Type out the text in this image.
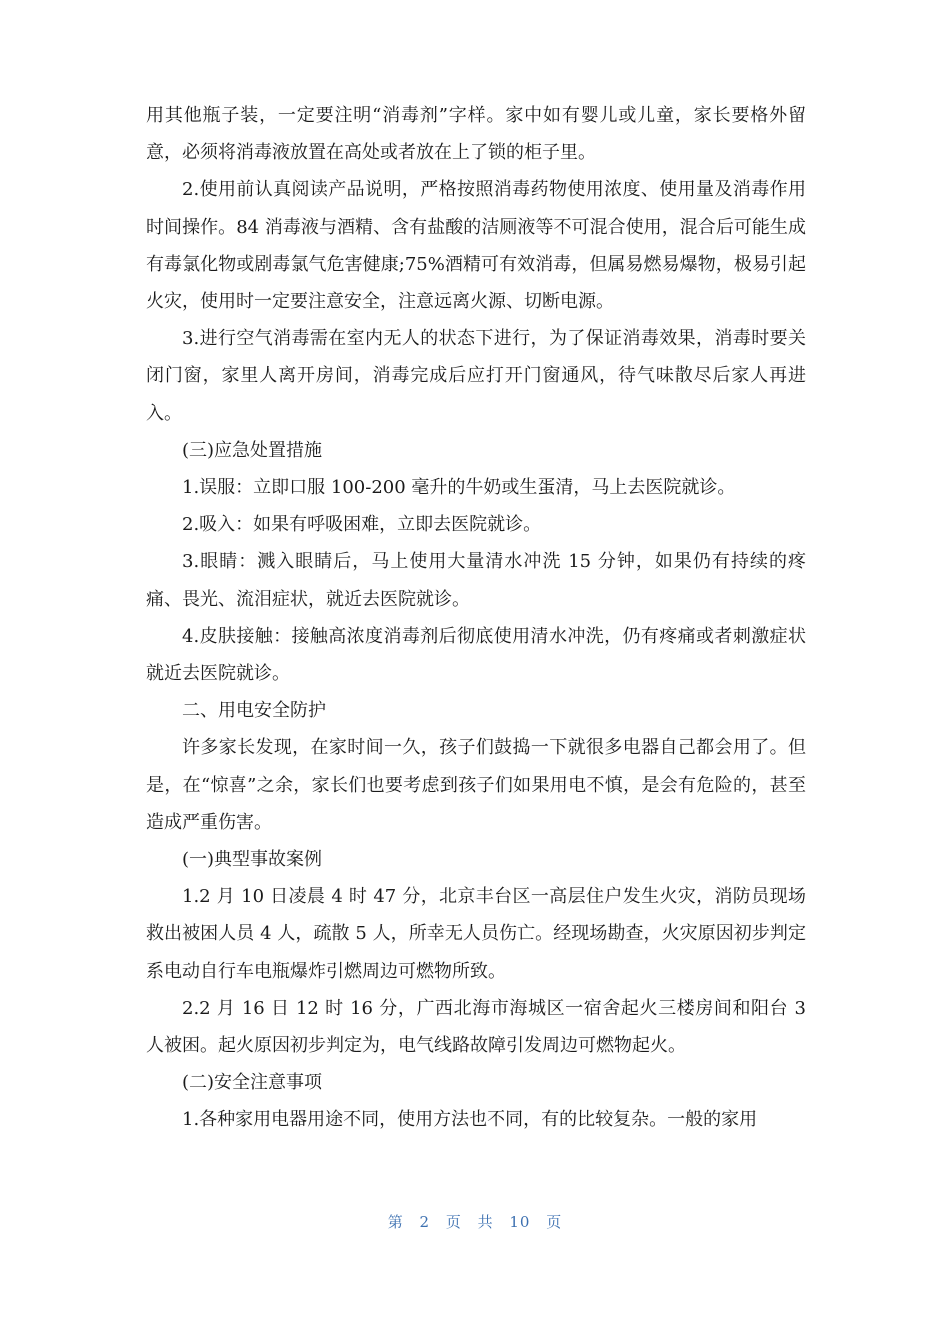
用其他瓶子装，一定要注明“消毒剂”字样。家中如有婴儿或儿童，家长要格外留意，必须将消毒液放置在高处或者放在上了锁的柜子里。

2.使用前认真阅读产品说明，严格按照消毒药物使用浓度、使用量及消毒作用时间操作。84 消毒液与酒精、含有盐酸的洁厕液等不可混合使用，混合后可能生成有毒氯化物或剧毒氯气危害健康;75%酒精可有效消毒，但属易燃易爆物，极易引起火灾，使用时一定要注意安全，注意远离火源、切断电源。

3.进行空气消毒需在室内无人的状态下进行，为了保证消毒效果，消毒时要关闭门窗，家里人离开房间，消毒完成后应打开门窗通风，待气味散尽后家人再进入。

(三)应急处置措施

1.误服：立即口服 100-200 毫升的牛奶或生蛋清，马上去医院就诊。

2.吸入：如果有呼吸困难，立即去医院就诊。

3.眼睛：溅入眼睛后，马上使用大量清水冲洗 15 分钟，如果仍有持续的疼痛、畏光、流泪症状，就近去医院就诊。

4.皮肤接触：接触高浓度消毒剂后彻底使用清水冲洗，仍有疼痛或者刺激症状就近去医院就诊。

二、用电安全防护

许多家长发现，在家时间一久，孩子们鼓捣一下就很多电器自己都会用了。但是，在“惊喜”之余，家长们也要考虑到孩子们如果用电不慎，是会有危险的，甚至造成严重伤害。

(一)典型事故案例

1.2 月 10 日凌晨 4 时 47 分，北京丰台区一高层住户发生火灾，消防员现场救出被困人员 4 人，疏散 5 人，所幸无人员伤亡。经现场勘查，火灾原因初步判定系电动自行车电瓶爆炸引燃周边可燃物所致。

2.2 月 16 日 12 时 16 分，广西北海市海城区一宿舍起火三楼房间和阳台 3 人被困。起火原因初步判定为，电气线路故障引发周边可燃物起火。

(二)安全注意事项

1.各种家用电器用途不同，使用方法也不同，有的比较复杂。一般的家用

第 2 页 共 10 页
